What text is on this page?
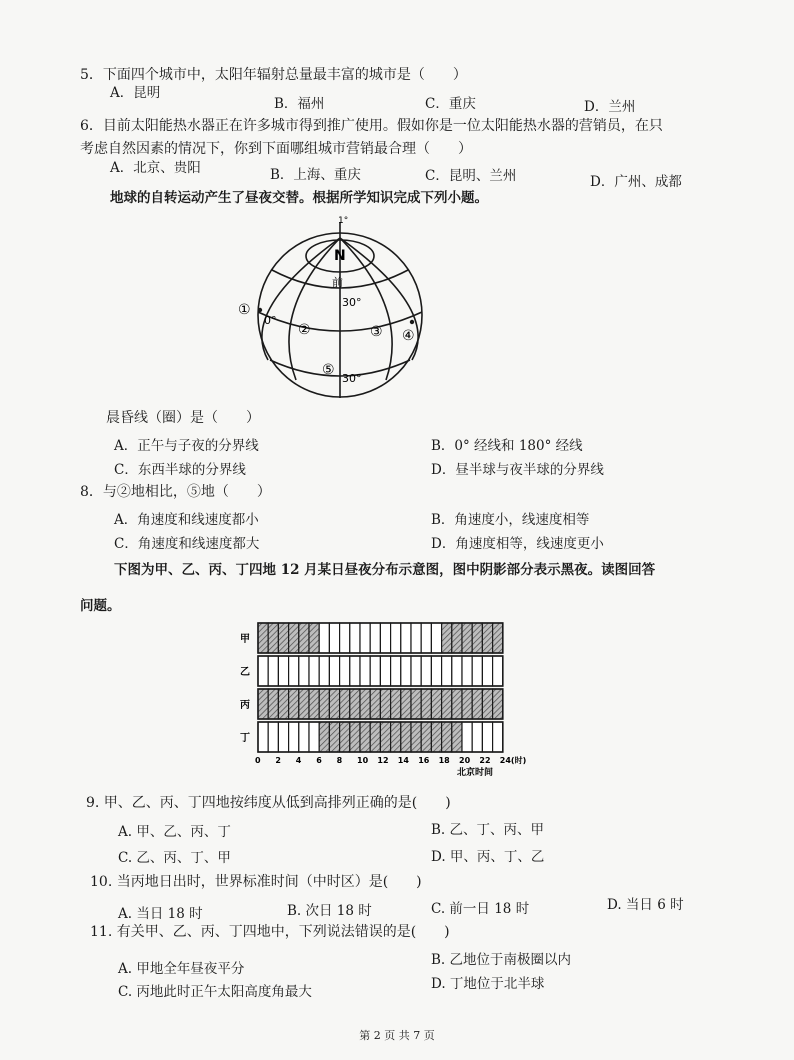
5．下面四个城市中，太阳年辐射总量最丰富的城市是（　　）
A．昆明
B．福州	C．重庆	D．兰州
6．目前太阳能热水器正在许多城市得到推广使用。假如你是一位太阳能热水器的营销员，在只
考虑自然因素的情况下，你到下面哪组城市营销最合理（　　）
A．北京、贵阳	B．上海、重庆	C．昆明、兰州	D．广州、成都
地球的自转运动产生了昼夜交替。根据所学知识完成下列小题。
N
1°
前
30°
0°
30°
①
②	③ ④
⑤
晨昏线（圈）是（　　）
A．正午与子夜的分界线	B．0° 经线和 180° 经线
C．东西半球的分界线	D．昼半球与夜半球的分界线
8．与②地相比，⑤地（　　）
A．角速度和线速度都小	B．角速度小，线速度相等
C．角速度和线速度都大	D．角速度相等，线速度更小
下图为甲、乙、丙、丁四地 12 月某日昼夜分布示意图，图中阴影部分表示黑夜。读图回答
问题。
甲
乙
丙
丁
0 2 4 6 8 10 12 14 16 18 20 22 24(时)
北京时间
9. 甲、乙、丙、丁四地按纬度从低到高排列正确的是(　　)
A. 甲、乙、丙、丁	B. 乙、丁、丙、甲
C. 乙、丙、丁、甲	D. 甲、丙、丁、乙
10. 当丙地日出时，世界标准时间（中时区）是(　　)
A. 当日 18 时	B. 次日 18 时	C. 前一日 18 时	D. 当日 6 时
11. 有关甲、乙、丙、丁四地中，下列说法错误的是(　　)
A. 甲地全年昼夜平分
B. 乙地位于南极圈以内
C. 丙地此时正午太阳高度角最大	D. 丁地位于北半球
第 2 页 共 7 页
